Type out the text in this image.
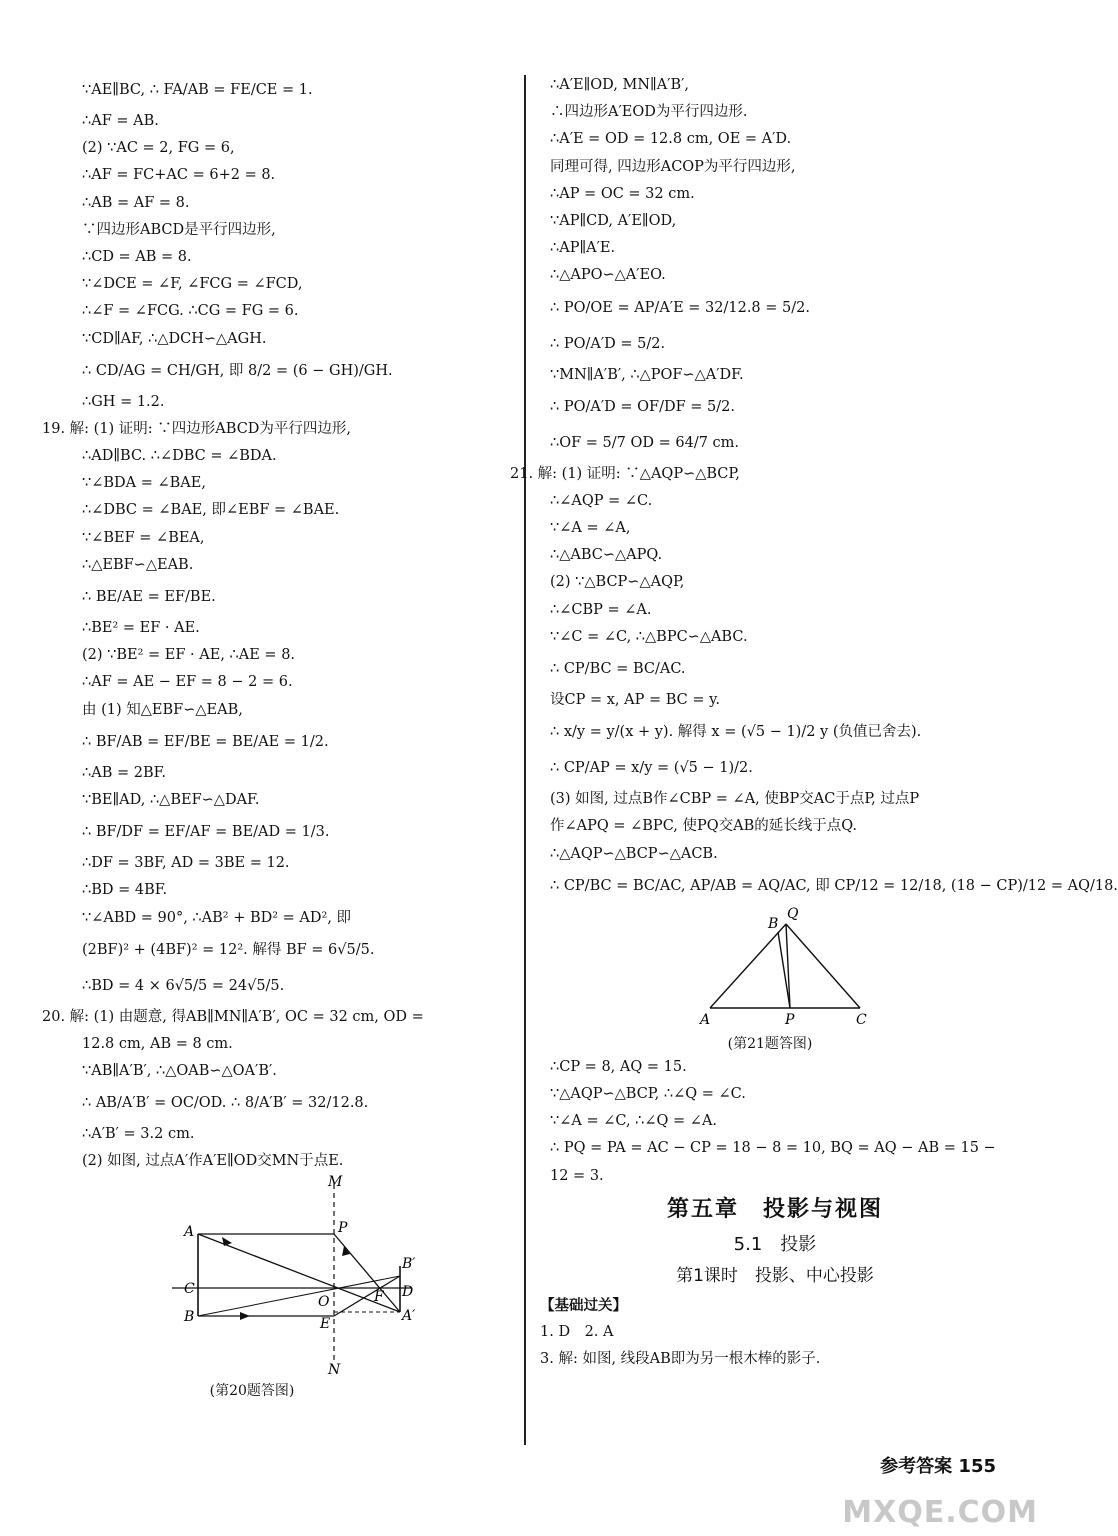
∵AE∥BC, ∴ FA/AB = FE/CE = 1.
∴AF = AB.
(2) ∵AC = 2, FG = 6,
∴AF = FC+AC = 6+2 = 8.
∴AB = AF = 8.
∵四边形ABCD是平行四边形,
∴CD = AB = 8.
∵∠DCE = ∠F, ∠FCG = ∠FCD,
∴∠F = ∠FCG. ∴CG = FG = 6.
∵CD∥AF, ∴△DCH∽△AGH.
∴ CD/AG = CH/GH, 即 8/2 = (6 − GH)/GH.
∴GH = 1.2.
19. 解: (1) 证明: ∵四边形ABCD为平行四边形,
∴AD∥BC. ∴∠DBC = ∠BDA.
∵∠BDA = ∠BAE,
∴∠DBC = ∠BAE, 即∠EBF = ∠BAE.
∵∠BEF = ∠BEA,
∴△EBF∽△EAB.
∴ BE/AE = EF/BE.
∴BE² = EF · AE.
(2) ∵BE² = EF · AE, ∴AE = 8.
∴AF = AE − EF = 8 − 2 = 6.
由 (1) 知△EBF∽△EAB,
∴ BF/AB = EF/BE = BE/AE = 1/2.
∴AB = 2BF.
∵BE∥AD, ∴△BEF∽△DAF.
∴ BF/DF = EF/AF = BE/AD = 1/3.
∴DF = 3BF, AD = 3BE = 12.
∴BD = 4BF.
∵∠ABD = 90°, ∴AB² + BD² = AD², 即
(2BF)² + (4BF)² = 12². 解得 BF = 6√5/5.
∴BD = 4 × 6√5/5 = 24√5/5.
20. 解: (1) 由题意, 得AB∥MN∥A′B′, OC = 32 cm, OD =
12.8 cm, AB = 8 cm.
∵AB∥A′B′, ∴△OAB∽△OA′B′.
∴ AB/A′B′ = OC/OD. ∴ 8/A′B′ = 32/12.8.
∴A′B′ = 3.2 cm.
(2) 如图, 过点A′作A′E∥OD交MN于点E.
A
C
B
M
P
O
E
F
B′
D
A′
N
(第20题答图)
∴A′E∥OD, MN∥A′B′,
∴四边形A′EOD为平行四边形.
∴A′E = OD = 12.8 cm, OE = A′D.
同理可得, 四边形ACOP为平行四边形,
∴AP = OC = 32 cm.
∵AP∥CD, A′E∥OD,
∴AP∥A′E.
∴△APO∽△A′EO.
∴ PO/OE = AP/A′E = 32/12.8 = 5/2.
∴ PO/A′D = 5/2.
∵MN∥A′B′, ∴△POF∽△A′DF.
∴ PO/A′D = OF/DF = 5/2.
∴OF = 5/7 OD = 64/7 cm.
21. 解: (1) 证明: ∵△AQP∽△BCP,
∴∠AQP = ∠C.
∵∠A = ∠A,
∴△ABC∽△APQ.
(2) ∵△BCP∽△AQP,
∴∠CBP = ∠A.
∵∠C = ∠C, ∴△BPC∽△ABC.
∴ CP/BC = BC/AC.
设CP = x, AP = BC = y.
∴ x/y = y/(x + y). 解得 x = (√5 − 1)/2 y (负值已舍去).
∴ CP/AP = x/y = (√5 − 1)/2.
(3) 如图, 过点B作∠CBP = ∠A, 使BP交AC于点P, 过点P
作∠APQ = ∠BPC, 使PQ交AB的延长线于点Q.
∴△AQP∽△BCP∽△ACB.
∴ CP/BC = BC/AC, AP/AB = AQ/AC, 即 CP/12 = 12/18, (18 − CP)/12 = AQ/18.
B
Q
A	P	C
(第21题答图)
∴CP = 8, AQ = 15.
∵△AQP∽△BCP, ∴∠Q = ∠C.
∵∠A = ∠C, ∴∠Q = ∠A.
∴ PQ = PA = AC − CP = 18 − 8 = 10, BQ = AQ − AB = 15 −
12 = 3.
第五章　投影与视图
5.1　投影
第1课时　投影、中心投影
【基础过关】
1. D　2. A
3. 解: 如图, 线段AB即为另一根木棒的影子.
参考答案 155
MXQE.COM
